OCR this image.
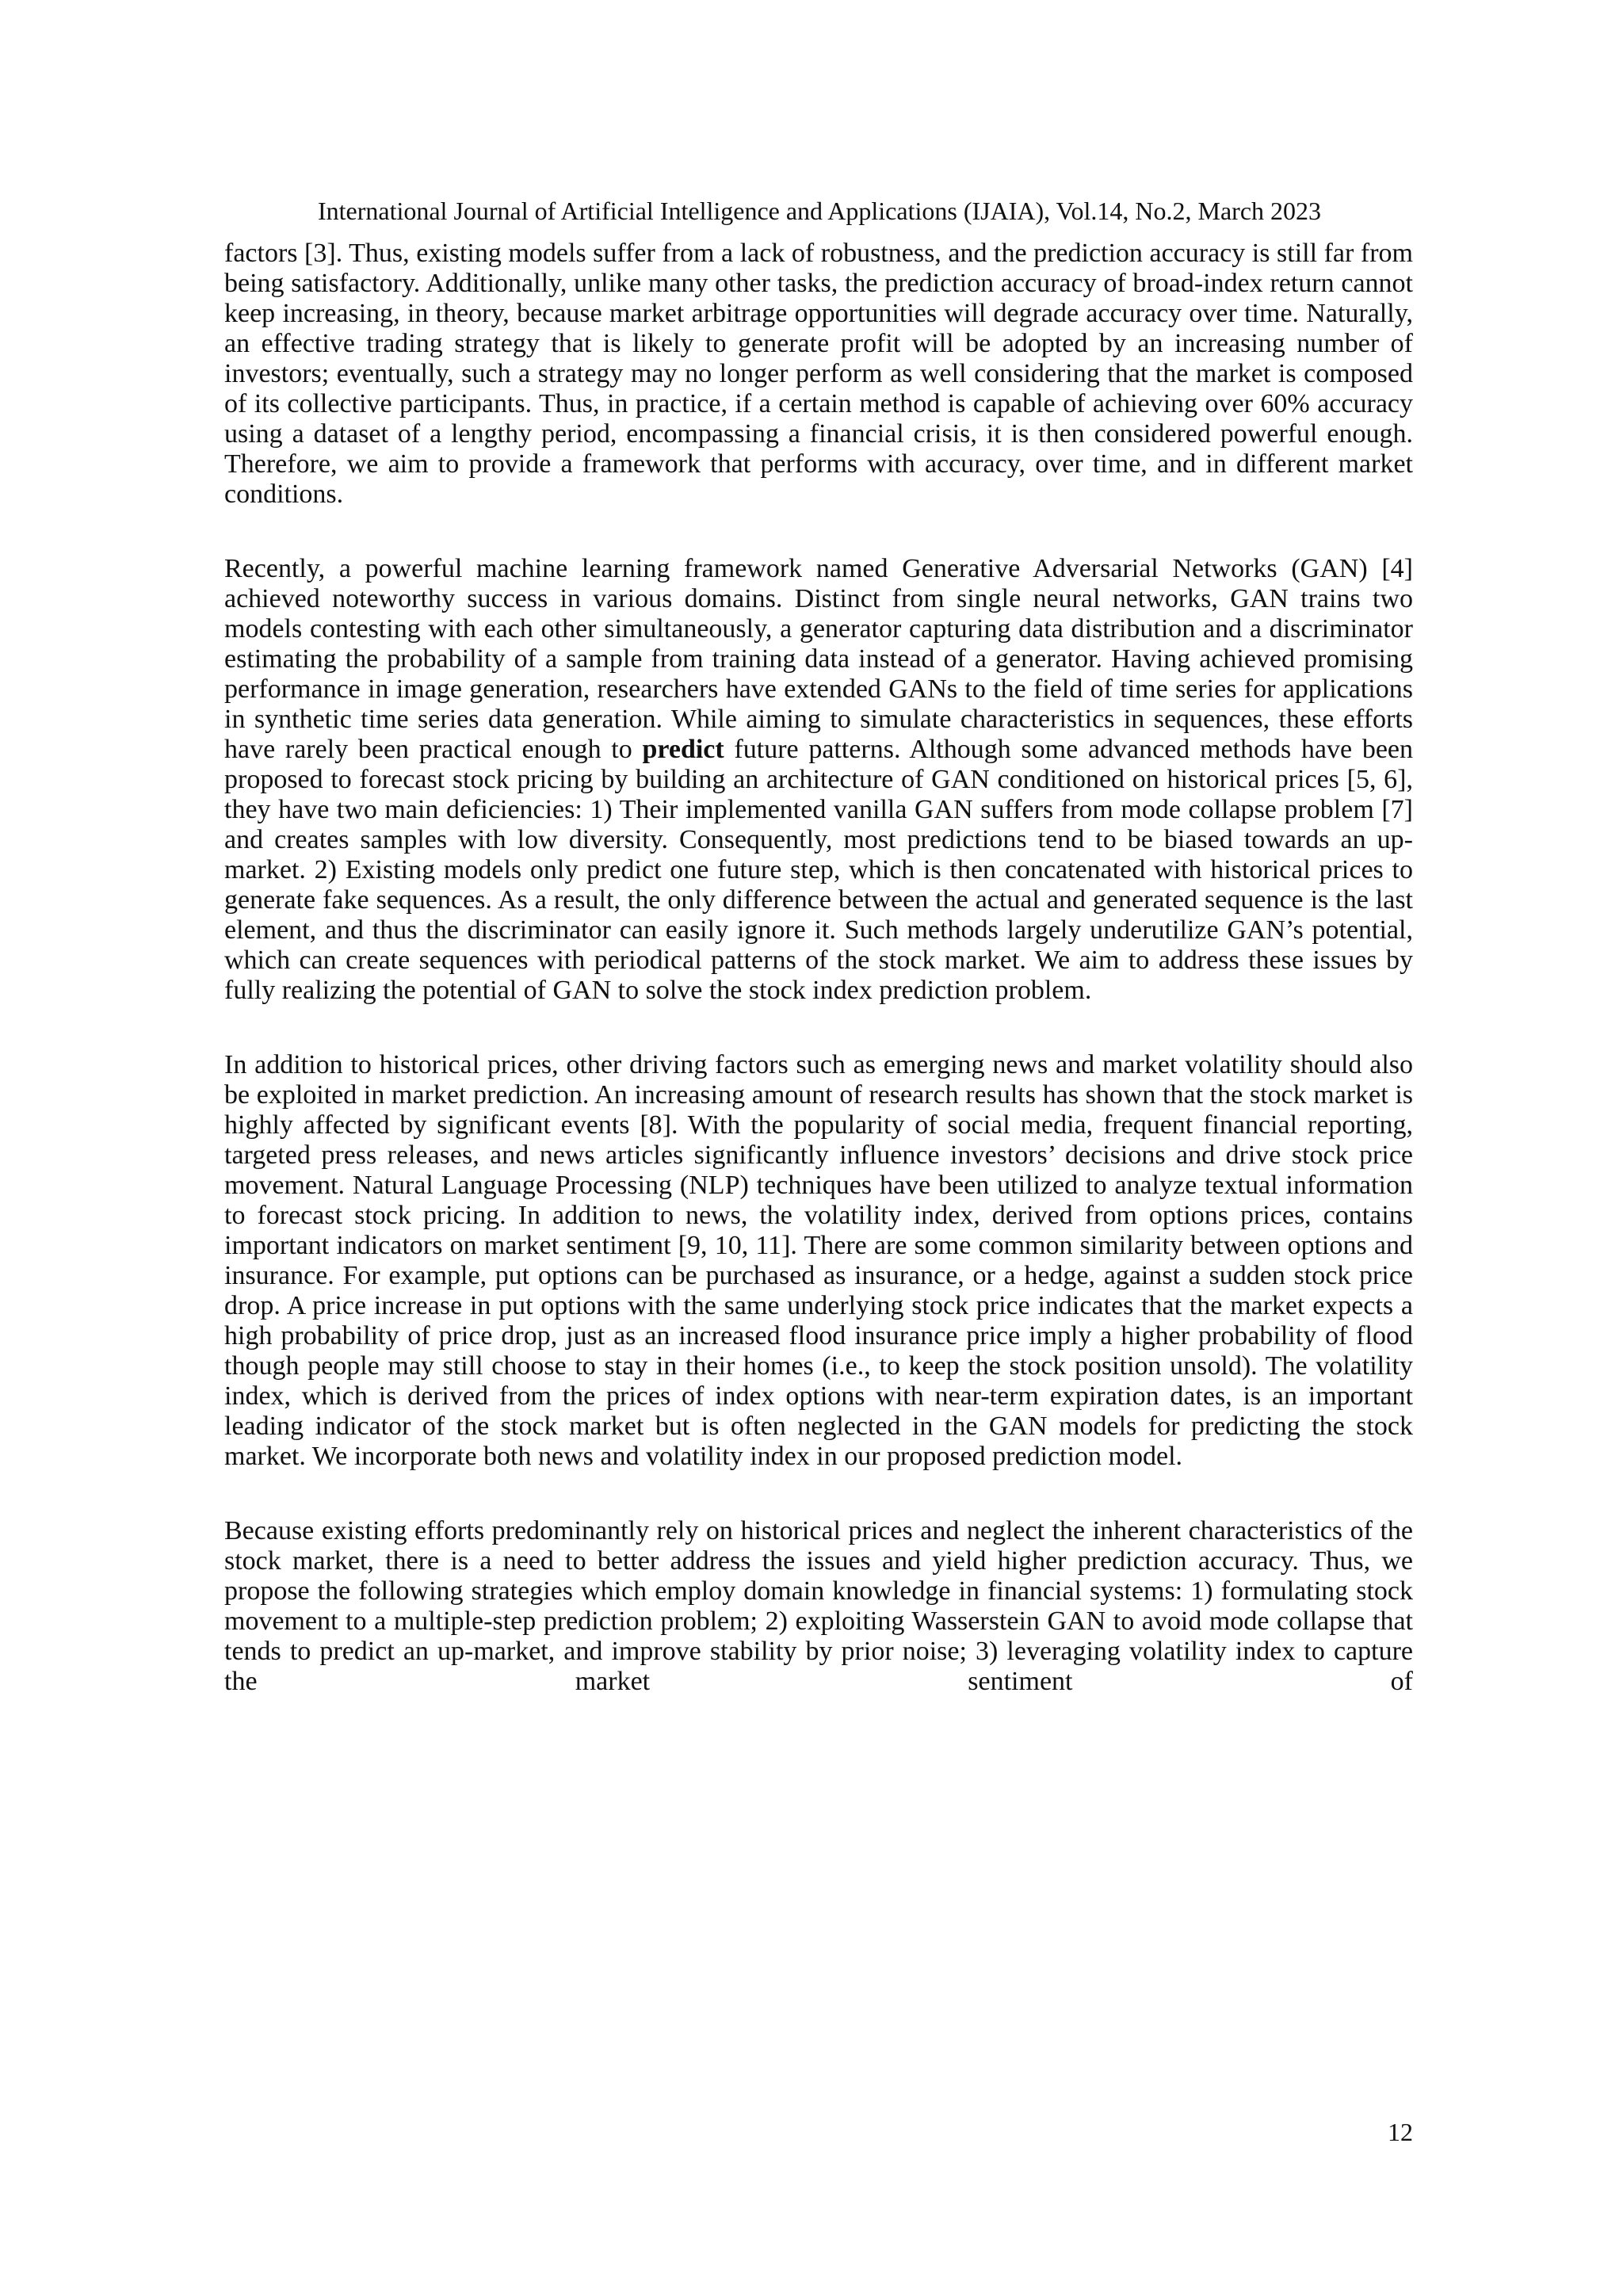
International Journal of Artificial Intelligence and Applications (IJAIA), Vol.14, No.2, March 2023

factors [3]. Thus, existing models suffer from a lack of robustness, and the prediction accuracy is still far from being satisfactory. Additionally, unlike many other tasks, the prediction accuracy of broad-index return cannot keep increasing, in theory, because market arbitrage opportunities will degrade accuracy over time. Naturally, an effective trading strategy that is likely to generate profit will be adopted by an increasing number of investors; eventually, such a strategy may no longer perform as well considering that the market is composed of its collective participants. Thus, in practice, if a certain method is capable of achieving over 60% accuracy using a dataset of a lengthy period, encompassing a financial crisis, it is then considered powerful enough. Therefore, we aim to provide a framework that performs with accuracy, over time, and in different market conditions.

Recently, a powerful machine learning framework named Generative Adversarial Networks (GAN) [4] achieved noteworthy success in various domains. Distinct from single neural networks, GAN trains two models contesting with each other simultaneously, a generator capturing data distribution and a discriminator estimating the probability of a sample from training data instead of a generator. Having achieved promising performance in image generation, researchers have extended GANs to the field of time series for applications in synthetic time series data generation. While aiming to simulate characteristics in sequences, these efforts have rarely been practical enough to predict future patterns. Although some advanced methods have been proposed to forecast stock pricing by building an architecture of GAN conditioned on historical prices [5, 6], they have two main deficiencies: 1) Their implemented vanilla GAN suffers from mode collapse problem [7] and creates samples with low diversity. Consequently, most predictions tend to be biased towards an up-market. 2) Existing models only predict one future step, which is then concatenated with historical prices to generate fake sequences. As a result, the only difference between the actual and generated sequence is the last element, and thus the discriminator can easily ignore it. Such methods largely underutilize GAN’s potential, which can create sequences with periodical patterns of the stock market. We aim to address these issues by fully realizing the potential of GAN to solve the stock index prediction problem.

In addition to historical prices, other driving factors such as emerging news and market volatility should also be exploited in market prediction. An increasing amount of research results has shown that the stock market is highly affected by significant events [8]. With the popularity of social media, frequent financial reporting, targeted press releases, and news articles significantly influence investors’ decisions and drive stock price movement. Natural Language Processing (NLP) techniques have been utilized to analyze textual information to forecast stock pricing. In addition to news, the volatility index, derived from options prices, contains important indicators on market sentiment [9, 10, 11]. There are some common similarity between options and insurance. For example, put options can be purchased as insurance, or a hedge, against a sudden stock price drop. A price increase in put options with the same underlying stock price indicates that the market expects a high probability of price drop, just as an increased flood insurance price imply a higher probability of flood though people may still choose to stay in their homes (i.e., to keep the stock position unsold). The volatility index, which is derived from the prices of index options with near-term expiration dates, is an important leading indicator of the stock market but is often neglected in the GAN models for predicting the stock market. We incorporate both news and volatility index in our proposed prediction model.

Because existing efforts predominantly rely on historical prices and neglect the inherent characteristics of the stock market, there is a need to better address the issues and yield higher prediction accuracy. Thus, we propose the following strategies which employ domain knowledge in financial systems: 1) formulating stock movement to a multiple-step prediction problem; 2) exploiting Wasserstein GAN to avoid mode collapse that tends to predict an up-market, and improve stability by prior noise; 3) leveraging volatility index to capture the market sentiment of

12
